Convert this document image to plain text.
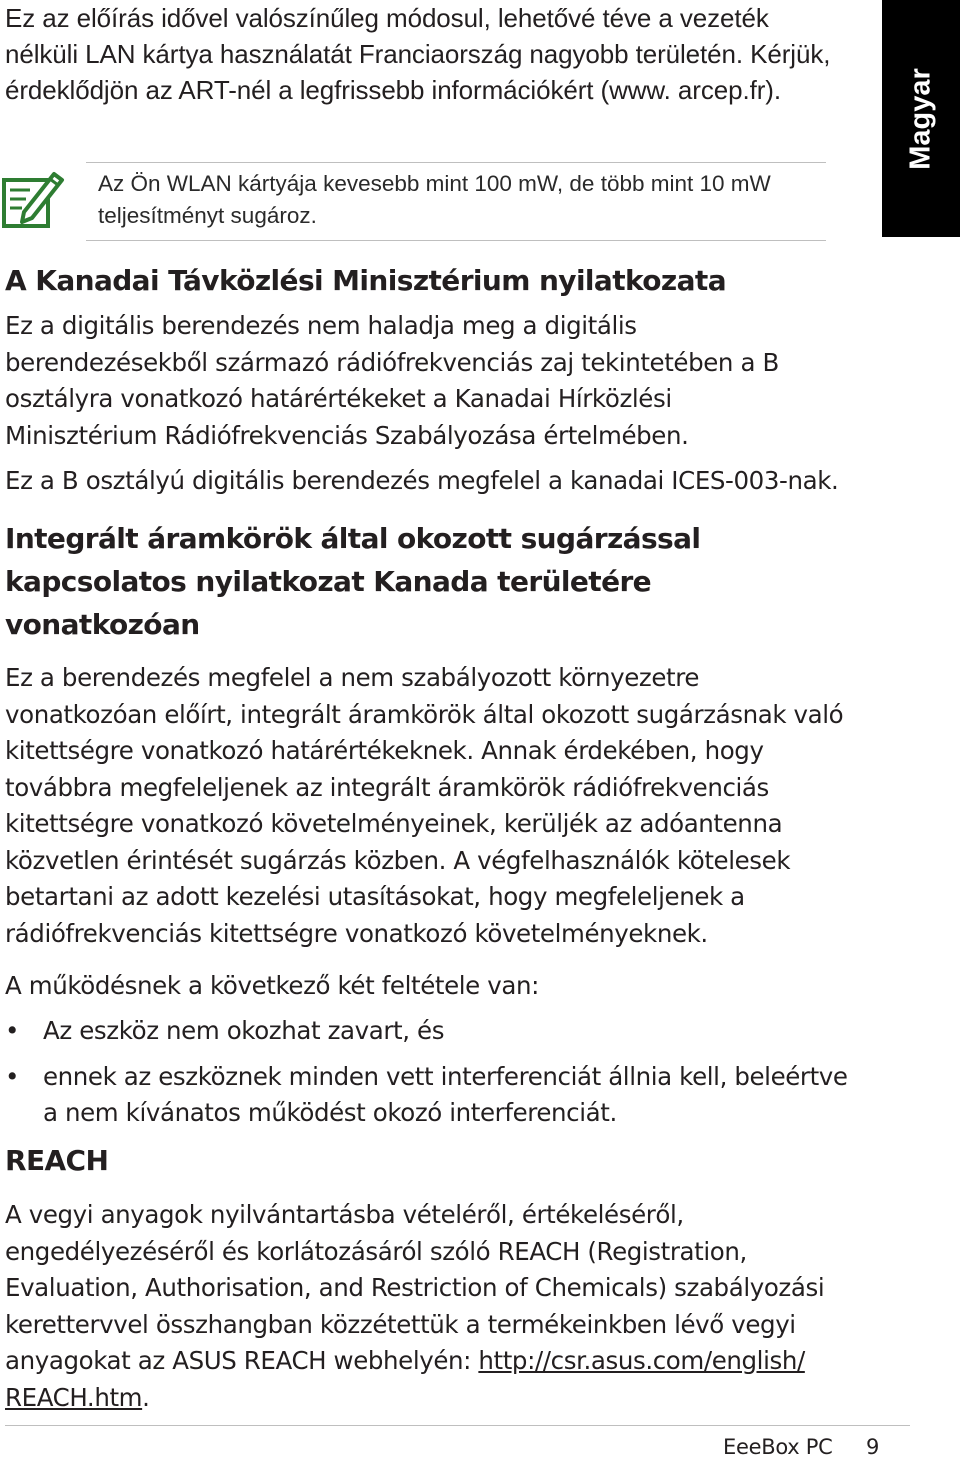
Magyar

Ez az előírás idővel valószínűleg módosul, lehetővé téve a vezeték nélküli LAN kártya használatát Franciaország nagyobb területén. Kérjük, érdeklődjön az ART-nél a legfrissebb információkért (www. arcep.fr).

Az Ön WLAN kártyája kevesebb mint 100 mW, de több mint 10 mW teljesítményt sugároz.

A Kanadai Távközlési Minisztérium nyilatkozata

Ez a digitális berendezés nem haladja meg a digitális berendezésekből származó rádiófrekvenciás zaj tekintetében a B osztályra vonatkozó határértékeket a Kanadai Hírközlési Minisztérium Rádiófrekvenciás Szabályozása értelmében.

Ez a B osztályú digitális berendezés megfelel a kanadai ICES-003-nak.

Integrált áramkörök által okozott sugárzással kapcsolatos nyilatkozat Kanada területére vonatkozóan

Ez a berendezés megfelel a nem szabályozott környezetre vonatkozóan előírt, integrált áramkörök által okozott sugárzásnak való kitettségre vonatkozó határértékeknek. Annak érdekében, hogy továbbra megfeleljenek az integrált áramkörök rádiófrekvenciás kitettségre vonatkozó követelményeinek, kerüljék az adóantenna közvetlen érintését sugárzás közben. A végfelhasználók kötelesek betartani az adott kezelési utasításokat, hogy megfeleljenek a rádiófrekvenciás kitettségre vonatkozó követelményeknek.

A működésnek a következő két feltétele van:

• Az eszköz nem okozhat zavart, és
• ennek az eszköznek minden vett interferenciát állnia kell, beleértve a nem kívánatos működést okozó interferenciát.
REACH

A vegyi anyagok nyilvántartásba vételéről, értékeléséről, engedélyezéséről és korlátozásáról szóló REACH (Registration, Evaluation, Authorisation, and Restriction of Chemicals) szabályozási kerettervvel összhangban közzétettük a termékeinkben lévő vegyi anyagokat az ASUS REACH webhelyén: http://csr.asus.com/english/ REACH.htm.

EeeBox PC 9
